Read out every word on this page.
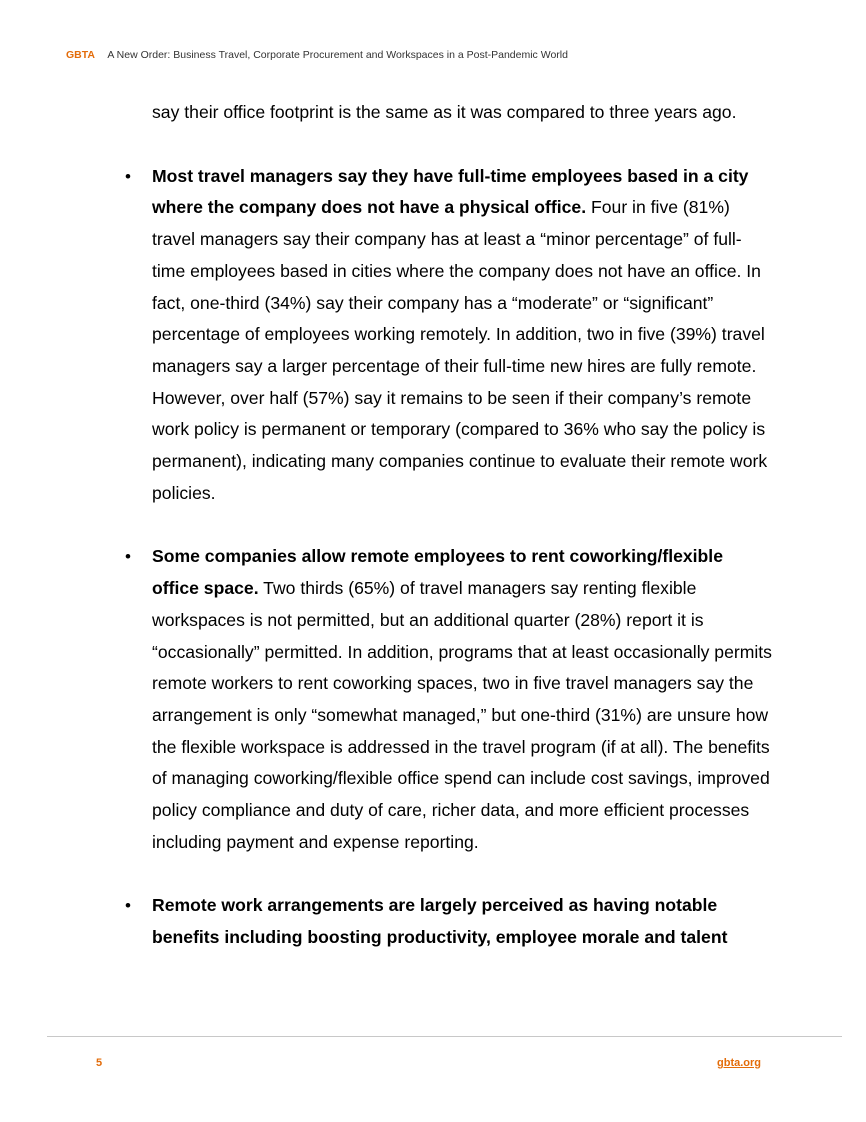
GBTA A New Order: Business Travel, Corporate Procurement and Workspaces in a Post-Pandemic World

say their office footprint is the same as it was compared to three years ago.

• Most travel managers say they have full-time employees based in a city where the company does not have a physical office. Four in five (81%) travel managers say their company has at least a “minor percentage” of full-time employees based in cities where the company does not have an office. In fact, one-third (34%) say their company has a “moderate” or “significant” percentage of employees working remotely. In addition, two in five (39%) travel managers say a larger percentage of their full-time new hires are fully remote. However, over half (57%) say it remains to be seen if their company’s remote work policy is permanent or temporary (compared to 36% who say the policy is permanent), indicating many companies continue to evaluate their remote work policies.
• Some companies allow remote employees to rent coworking/flexible office space. Two thirds (65%) of travel managers say renting flexible workspaces is not permitted, but an additional quarter (28%) report it is “occasionally” permitted. In addition, programs that at least occasionally permits remote workers to rent coworking spaces, two in five travel managers say the arrangement is only “somewhat managed,” but one-third (31%) are unsure how the flexible workspace is addressed in the travel program (if at all). The benefits of managing coworking/flexible office spend can include cost savings, improved policy compliance and duty of care, richer data, and more efficient processes including payment and expense reporting.
• Remote work arrangements are largely perceived as having notable benefits including boosting productivity, employee morale and talent
5	gbta.org
